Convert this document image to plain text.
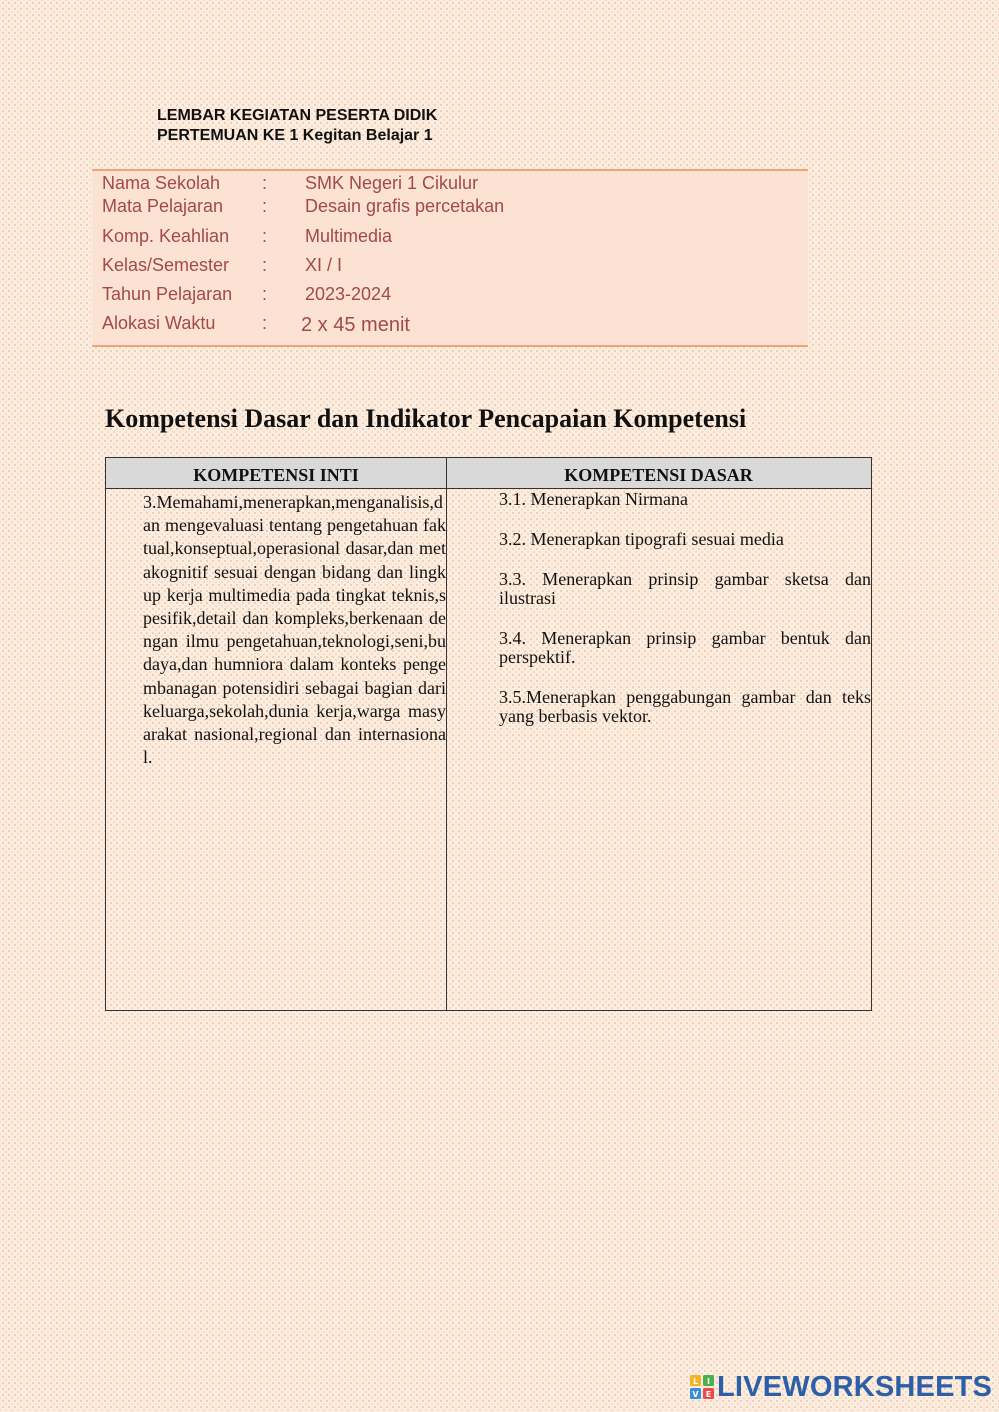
LEMBAR KEGIATAN PESERTA DIDIK
PERTEMUAN KE 1 Kegitan Belajar 1
Nama Sekolah : SMK Negeri 1 Cikulur
Mata Pelajaran : Desain grafis percetakan
Komp. Keahlian : Multimedia
Kelas/Semester : XI / I
Tahun Pelajaran : 2023-2024
Alokasi Waktu	: 2 x 45 menit
Kompetensi Dasar dan Indikator Pencapaian Kompetensi
KOMPETENSI INTI	KOMPETENSI DASAR
3.Memahami,menerapkan,menganalisis,dan mengevaluasi tentang pengetahuan faktual,konseptual,operasional dasar,dan metakognitif sesuai dengan bidang dan lingkup kerja multimedia pada tingkat teknis,spesifik,detail dan kompleks,berkenaan dengan ilmu pengetahuan,teknologi,seni,budaya,dan humniora dalam konteks pengembanagan potensidiri sebagai bagian dari keluarga,sekolah,dunia kerja,warga masyarakat nasional,regional dan internasional.
3.1. Menerapkan Nirmana
3.2. Menerapkan tipografi sesuai media
3.3. Menerapkan prinsip gambar sketsa dan ilustrasi
3.4. Menerapkan prinsip gambar bentuk dan perspektif.
3.5.Menerapkan penggabungan gambar dan teks yang berbasis vektor.
L I
V E LIVEWORKSHEETS
